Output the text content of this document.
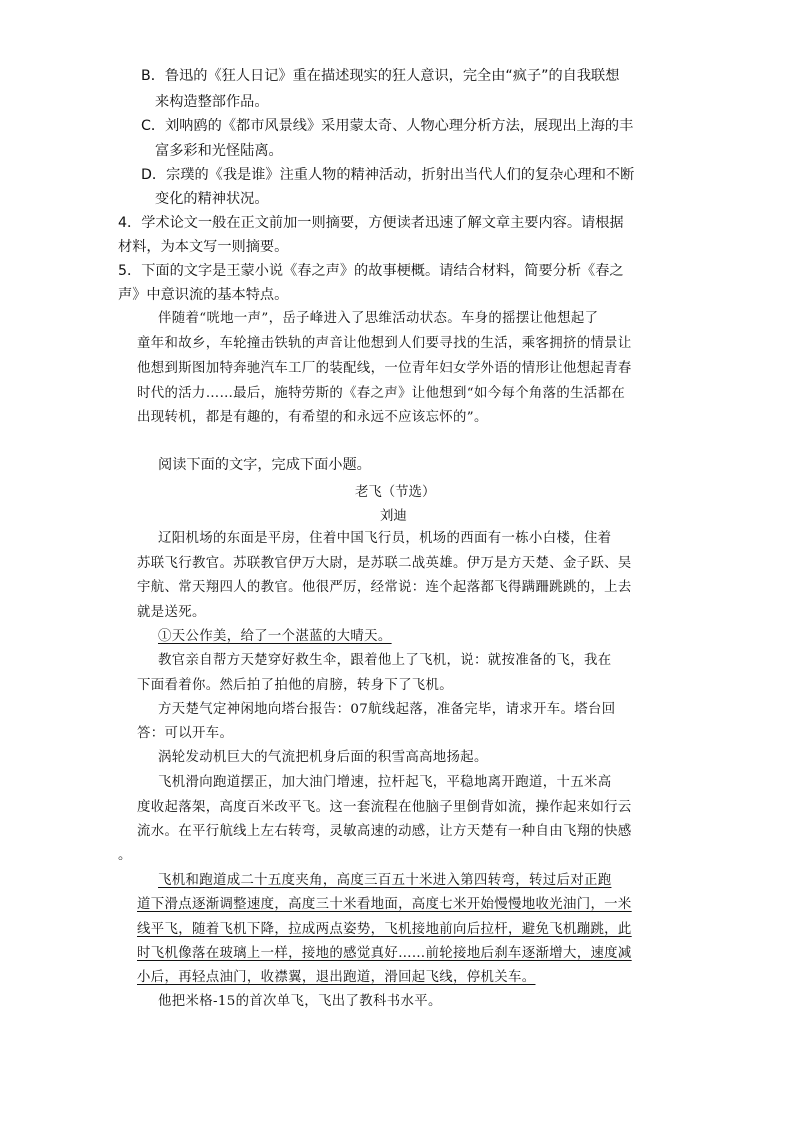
B．鲁迅的《狂人日记》重在描述现实的狂人意识，完全由“疯子”的自我联想
来构造整部作品。
C．刘呐鸥的《都市风景线》采用蒙太奇、人物心理分析方法，展现出上海的丰
富多彩和光怪陆离。
D．宗璞的《我是谁》注重人物的精神活动，折射出当代人们的复杂心理和不断
变化的精神状况。
4．学术论文一般在正文前加一则摘要，方便读者迅速了解文章主要内容。请根据
材料，为本文写一则摘要。
5．下面的文字是王蒙小说《春之声》的故事梗概。请结合材料，简要分析《春之
声》中意识流的基本特点。
伴随着“咣地一声”，岳子峰进入了思维活动状态。车身的摇摆让他想起了
童年和故乡，车轮撞击铁轨的声音让他想到人们要寻找的生活，乘客拥挤的情景让
他想到斯图加特奔驰汽车工厂的装配线，一位青年妇女学外语的情形让他想起青春
时代的活力……最后，施特劳斯的《春之声》让他想到“如今每个角落的生活都在
出现转机，都是有趣的，有希望的和永远不应该忘怀的”。
阅读下面的文字，完成下面小题。
老飞（节选）
刘迪
辽阳机场的东面是平房，住着中国飞行员，机场的西面有一栋小白楼，住着
苏联飞行教官。苏联教官伊万大尉，是苏联二战英雄。伊万是方天楚、金子跃、吴
宇航、常天翔四人的教官。他很严厉，经常说：连个起落都飞得蹒跚跳跳的，上去
就是送死。
①天公作美，给了一个湛蓝的大晴天。
教官亲自帮方天楚穿好救生伞，跟着他上了飞机，说：就按准备的飞，我在
下面看着你。然后拍了拍他的肩膀，转身下了飞机。
方天楚气定神闲地向塔台报告：07航线起落，准备完毕，请求开车。塔台回
答：可以开车。
涡轮发动机巨大的气流把机身后面的积雪高高地扬起。
飞机滑向跑道摆正，加大油门增速，拉杆起飞，平稳地离开跑道，十五米高
度收起落架，高度百米改平飞。这一套流程在他脑子里倒背如流，操作起来如行云
流水。在平行航线上左右转弯，灵敏高速的动感，让方天楚有一种自由飞翔的快感
。
飞机和跑道成二十五度夹角，高度三百五十米进入第四转弯，转过后对正跑
道下滑点逐渐调整速度，高度三十米看地面，高度七米开始慢慢地收光油门，一米
线平飞，随着飞机下降，拉成两点姿势，飞机接地前向后拉杆，避免飞机蹦跳，此
时飞机像落在玻璃上一样，接地的感觉真好……前轮接地后刹车逐渐增大，速度减
小后，再轻点油门，收襟翼，退出跑道，滑回起飞线，停机关车。
他把米格-15的首次单飞，飞出了教科书水平。
